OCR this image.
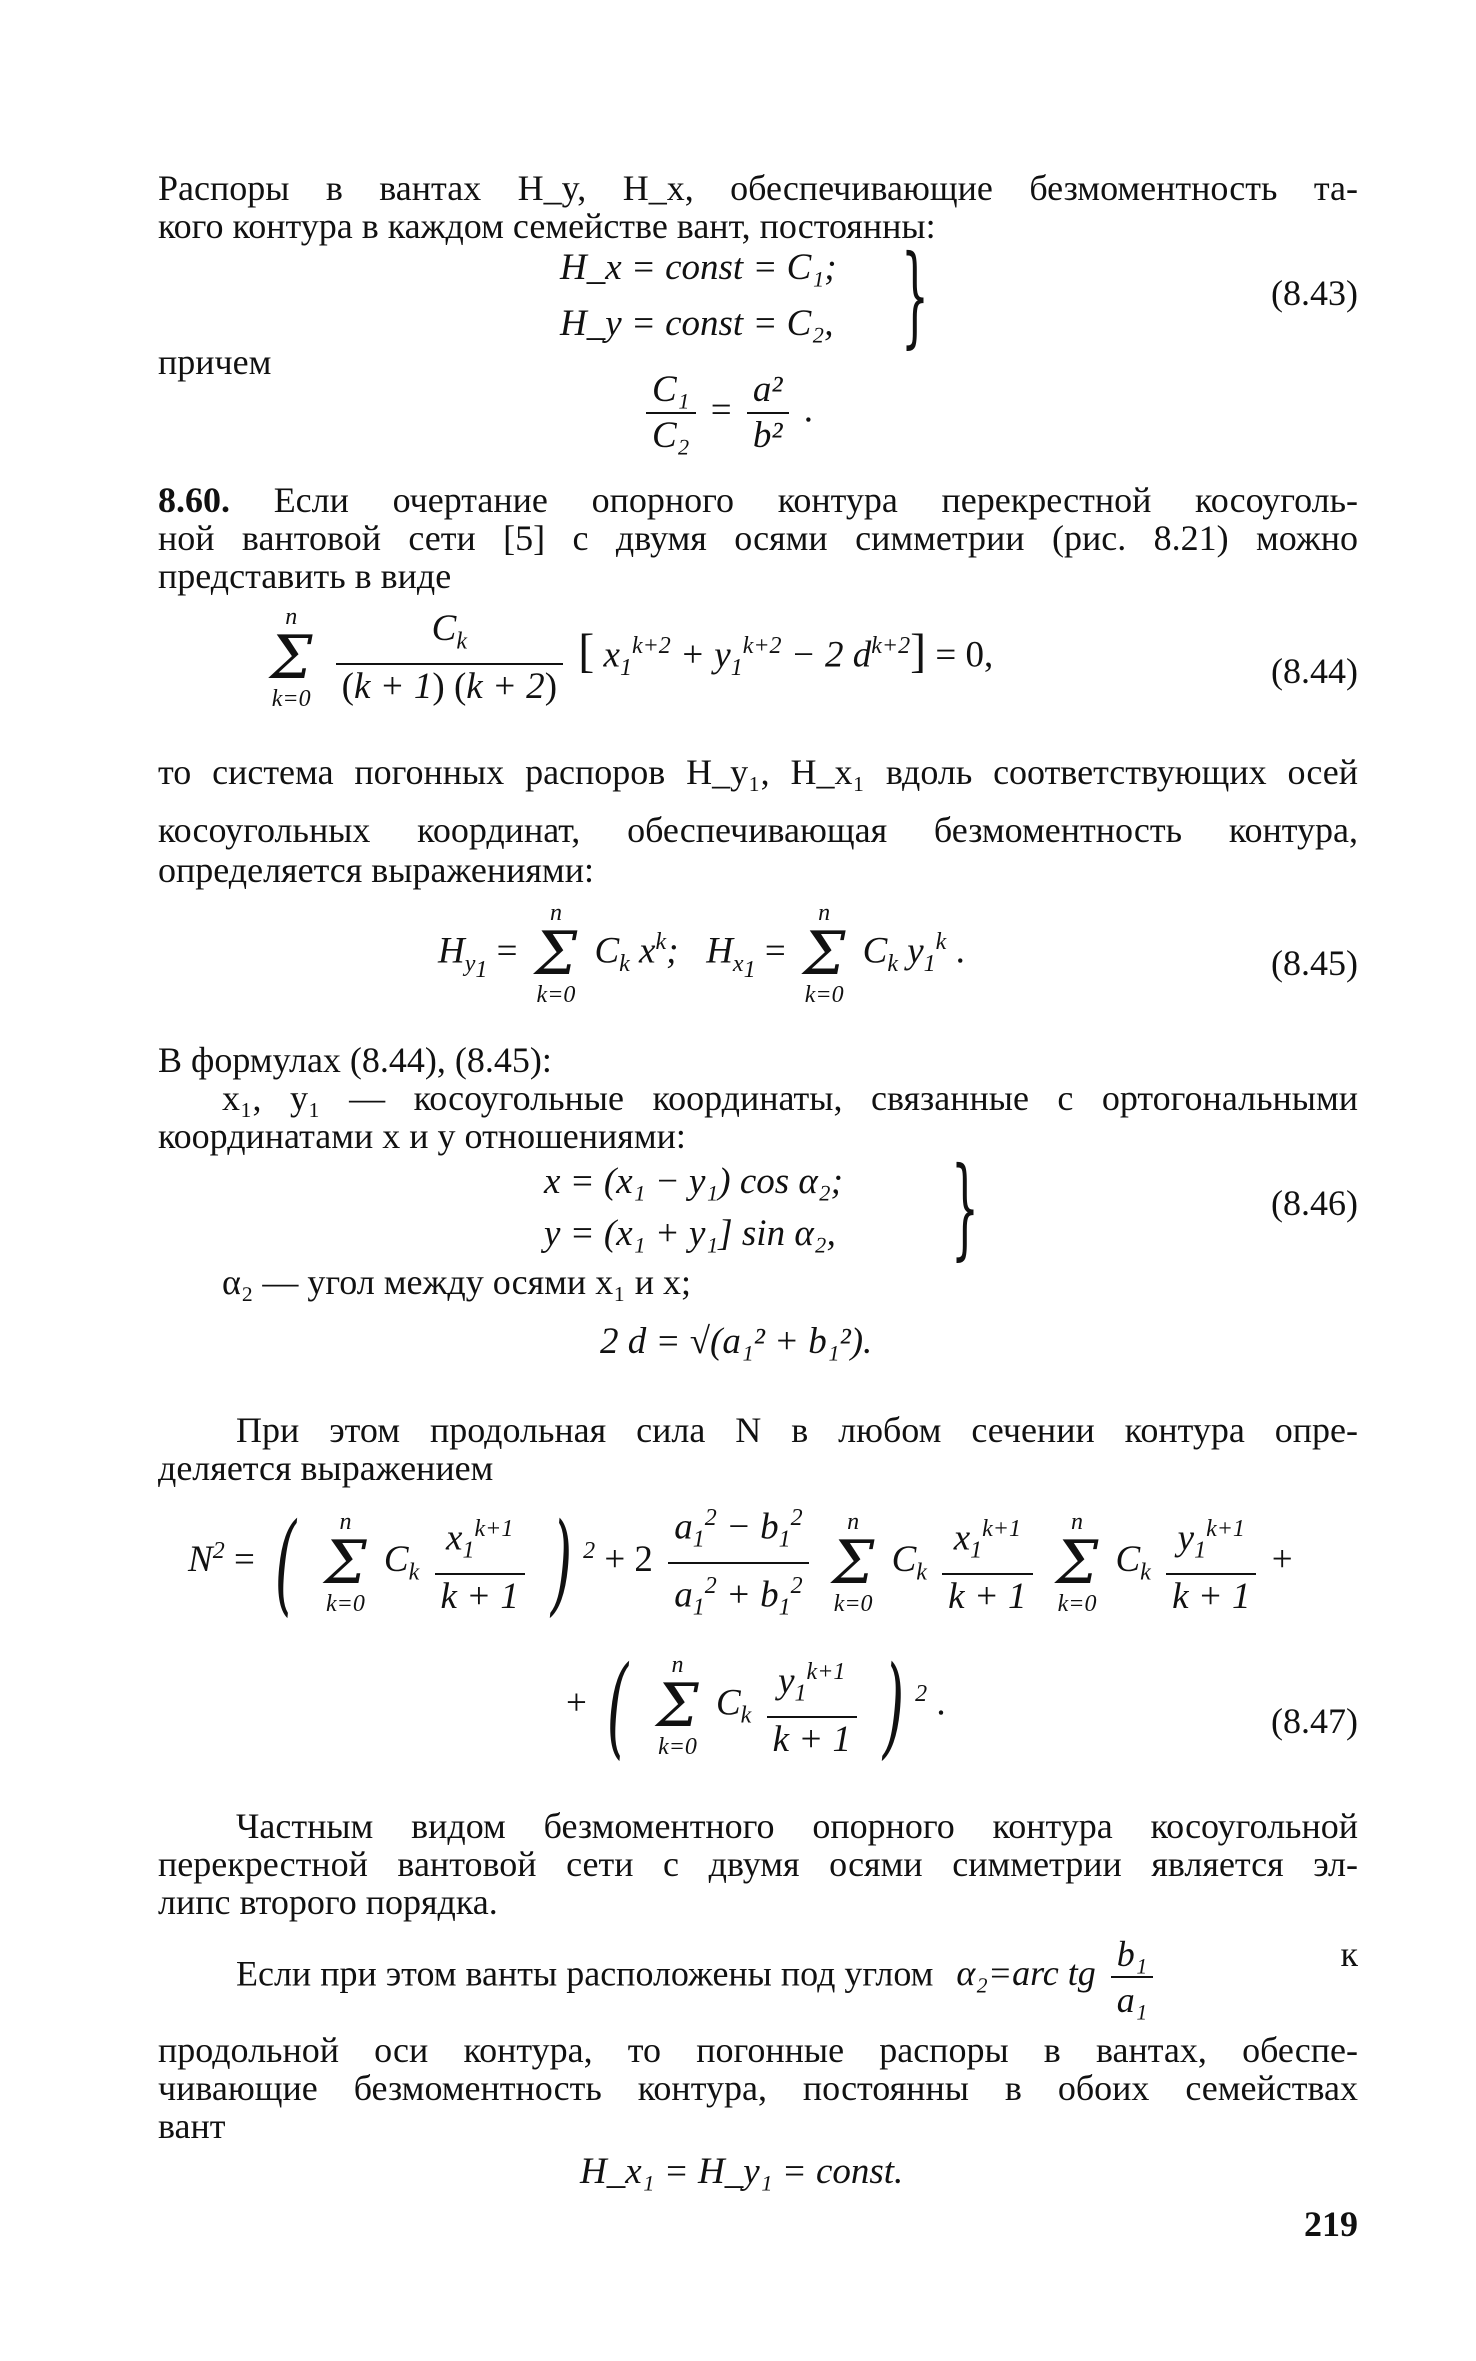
Распоры в вантах H_y, H_x, обеспечивающие безмоментность та-
кого контура в каждом семействе вант, постоянны:
H_x = const = C₁;
H_y = const = C₂, }	(8.43)
причем
$\frac{\text{C₁}}{\text{C₂}} = \frac{\text{a²}}{\text{b²}}$ .
8.60. Если очертание опорного контура перекрестной косоуголь-
ной вантовой сети [5] с двумя осями симметрии (рис. 8.21) можно
представить в виде
n
Σ
k=0
$\frac{C_k}{(k + 1) (k + 2)}$ [ $x_1^{k+2} + y_1^{k+2} - 2$ $d^{k+2}] = 0$,	(8.44)
то система погонных распоров H_y₁, H_x₁ вдоль соответствующих осей
косоугольных координат, обеспечивающая безмоментность контура,
определяется выражениями:
$H_{y_1}$ =
n
Σ
k=0
$C_k$ $x^k$;   $H_{x_1}$ =
n
Σ
k=0
$C_k$ $y_1^k$ .	(8.45)
В формулах (8.44), (8.45):
x₁, y₁ — косоугольные координаты, связанные с ортогональными
координатами x и y отношениями:
x = (x₁ − y₁) cos α₂;
y = (x₁ + y₁] sin α₂, }	(8.46)
α₂ — угол между осями x₁ и x;
2 d = √(a₁² + b₁²).
При этом продольная сила N в любом сечении контура опре-
деляется выражением
$N^2$ = (	n
Σ
k=0
$C_k \frac{x_1^{k+1}}{k + 1}$ ) $^2 + 2 \frac{a_1^2 - b_1^2}{a_1^2 + b_1^2}$
	n
Σ
k=0
$C_k \frac{x_1^{k+1}}{k + 1}$
	n
Σ
k=0
$C_k \frac{y_1^{k+1}}{k + 1}$ +
+ (	n
Σ
k=0
$C_k \frac{y_1^{k+1}}{k + 1}$ ) $^2$ .	(8.47)
Частным видом безмоментного опорного контура косоугольной
перекрестной вантовой сети с двумя осями симметрии является эл-
липс второго порядка.
Если при этом ванты расположены под углом α₂=arc tg $\frac{\text{b₁}}{\text{a₁}}$	к
продольной оси контура, то погонные распоры в вантах, обеспе-
чивающие безмоментность контура, постоянны в обоих семействах
вант
H_x₁ = H_y₁ = const.
219
